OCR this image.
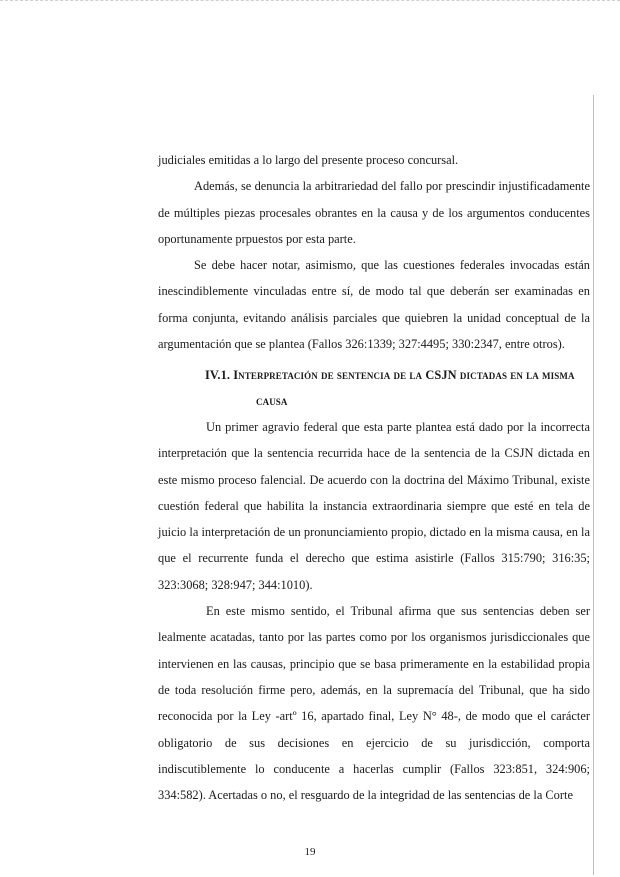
judiciales emitidas a lo largo del presente proceso concursal.

Además, se denuncia la arbitrariedad del fallo por prescindir injustificadamente de múltiples piezas procesales obrantes en la causa y de los argumentos conducentes oportunamente prpuestos por esta parte.

Se debe hacer notar, asimismo, que las cuestiones federales invocadas están inescindiblemente vinculadas entre sí, de modo tal que deberán ser examinadas en forma conjunta, evitando análisis parciales que quiebren la unidad conceptual de la argumentación que se plantea (Fallos 326:1339; 327:4495; 330:2347, entre otros).

IV.1. Interpretación de sentencia de la CSJN dictadas en la misma
causa

Un primer agravio federal que esta parte plantea está dado por la incorrecta interpretación que la sentencia recurrida hace de la sentencia de la CSJN dictada en este mismo proceso falencial. De acuerdo con la doctrina del Máximo Tribunal, existe cuestión federal que habilita la instancia extraordinaria siempre que esté en tela de juicio la interpretación de un pronunciamiento propio, dictado en la misma causa, en la que el recurrente funda el derecho que estima asistirle (Fallos 315:790; 316:35; 323:3068; 328:947; 344:1010).

En este mismo sentido, el Tribunal afirma que sus sentencias deben ser lealmente acatadas, tanto por las partes como por los organismos jurisdiccionales que intervienen en las causas, principio que se basa primeramente en la estabilidad propia de toda resolución firme pero, además, en la supremacía del Tribunal, que ha sido reconocida por la Ley -artº 16, apartado final, Ley N° 48-, de modo que el carácter obligatorio de sus decisiones en ejercicio de su jurisdicción, comporta indiscutiblemente lo conducente a hacerlas cumplir (Fallos 323:851, 324:906; 334:582). Acertadas o no, el resguardo de la integridad de las sentencias de la Corte

19
